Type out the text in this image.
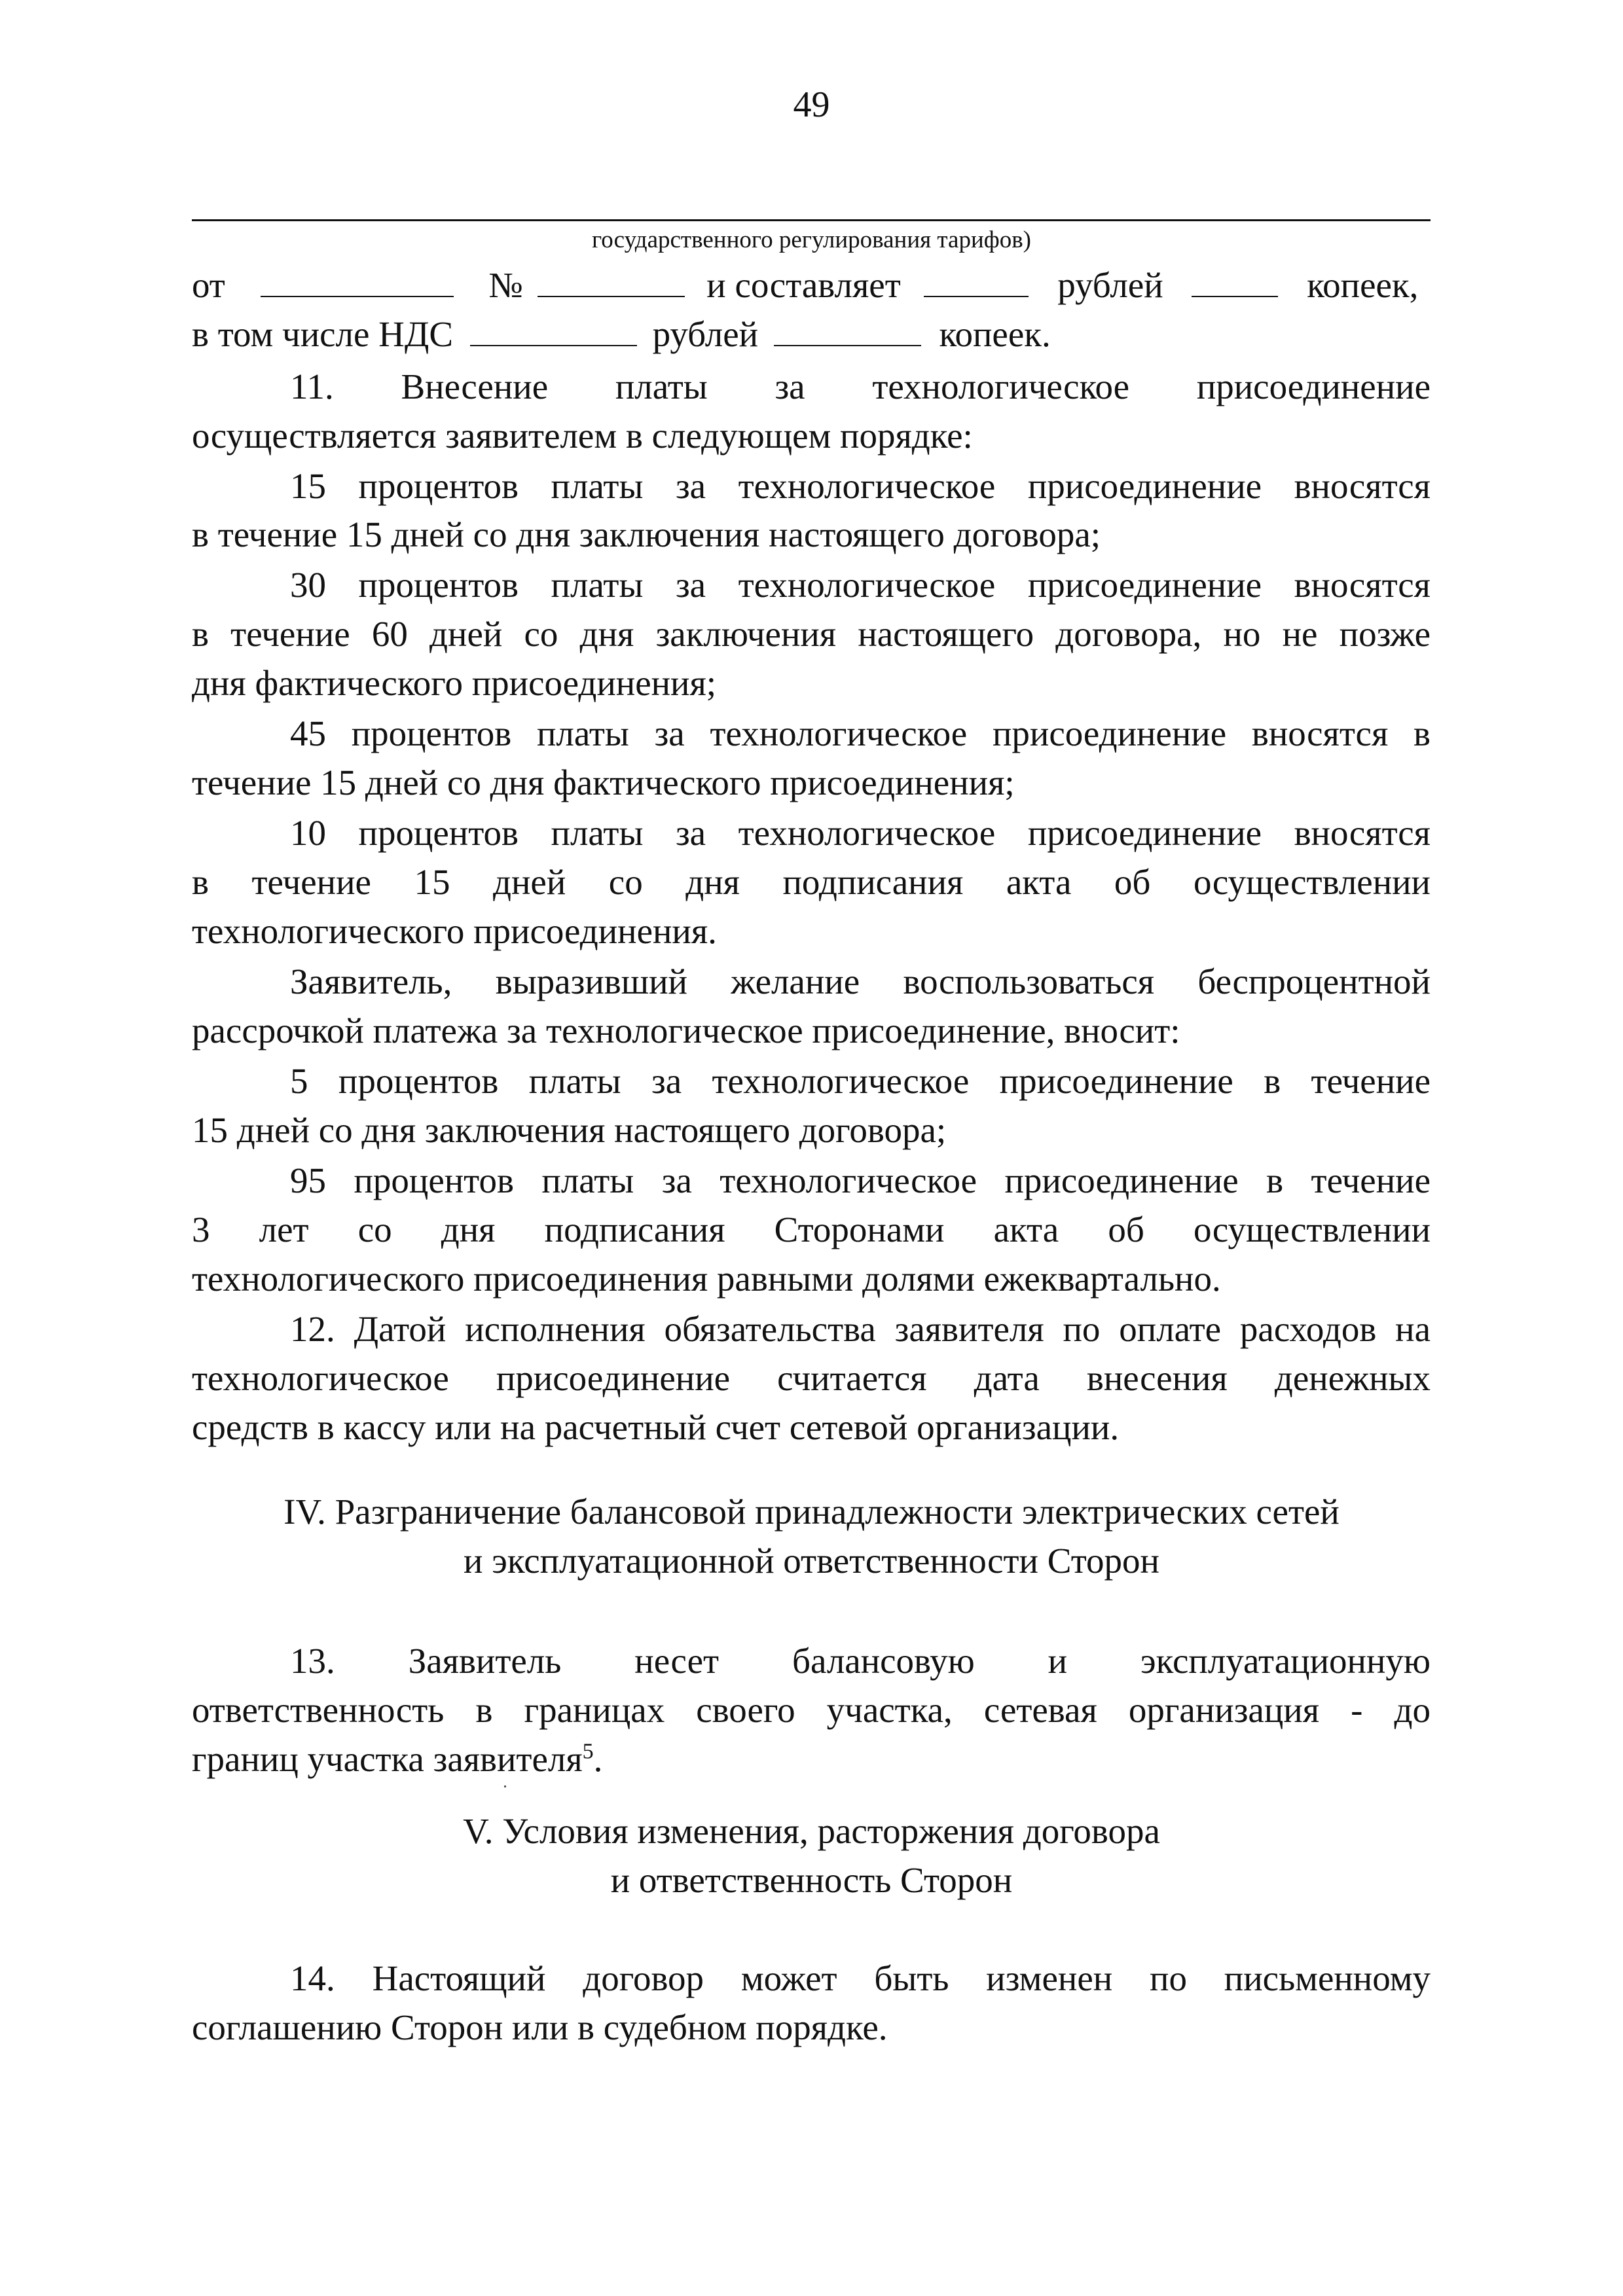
49
государственного регулирования тарифов)
от	№	и составляет	рублей	копеек,
в том числе НДС	рублей	копеек.
11. Внесение платы за технологическое присоединение
осуществляется заявителем в следующем порядке:
15 процентов платы за технологическое присоединение вносятся
в течение 15 дней со дня заключения настоящего договора;
30 процентов платы за технологическое присоединение вносятся
в течение 60 дней со дня заключения настоящего договора, но не позже
дня фактического присоединения;
45 процентов платы за технологическое присоединение вносятся в
течение 15 дней со дня фактического присоединения;
10 процентов платы за технологическое присоединение вносятся
в течение 15 дней со дня подписания акта об осуществлении
технологического присоединения.
Заявитель, выразивший желание воспользоваться беспроцентной
рассрочкой платежа за технологическое присоединение, вносит:
5 процентов платы за технологическое присоединение в течение
15 дней со дня заключения настоящего договора;
95 процентов платы за технологическое присоединение в течение
3 лет со дня подписания Сторонами акта об осуществлении
технологического присоединения равными долями ежеквартально.
12. Датой исполнения обязательства заявителя по оплате расходов на
технологическое присоединение считается дата внесения денежных
средств в кассу или на расчетный счет сетевой организации.
IV. Разграничение балансовой принадлежности электрических сетей
и эксплуатационной ответственности Сторон
13. Заявитель несет балансовую и эксплуатационную
ответственность в границах своего участка, сетевая организация - до
границ участка заявителя$^5$.
V. Условия изменения, расторжения договора
и ответственность Сторон
14. Настоящий договор может быть изменен по письменному
соглашению Сторон или в судебном порядке.
